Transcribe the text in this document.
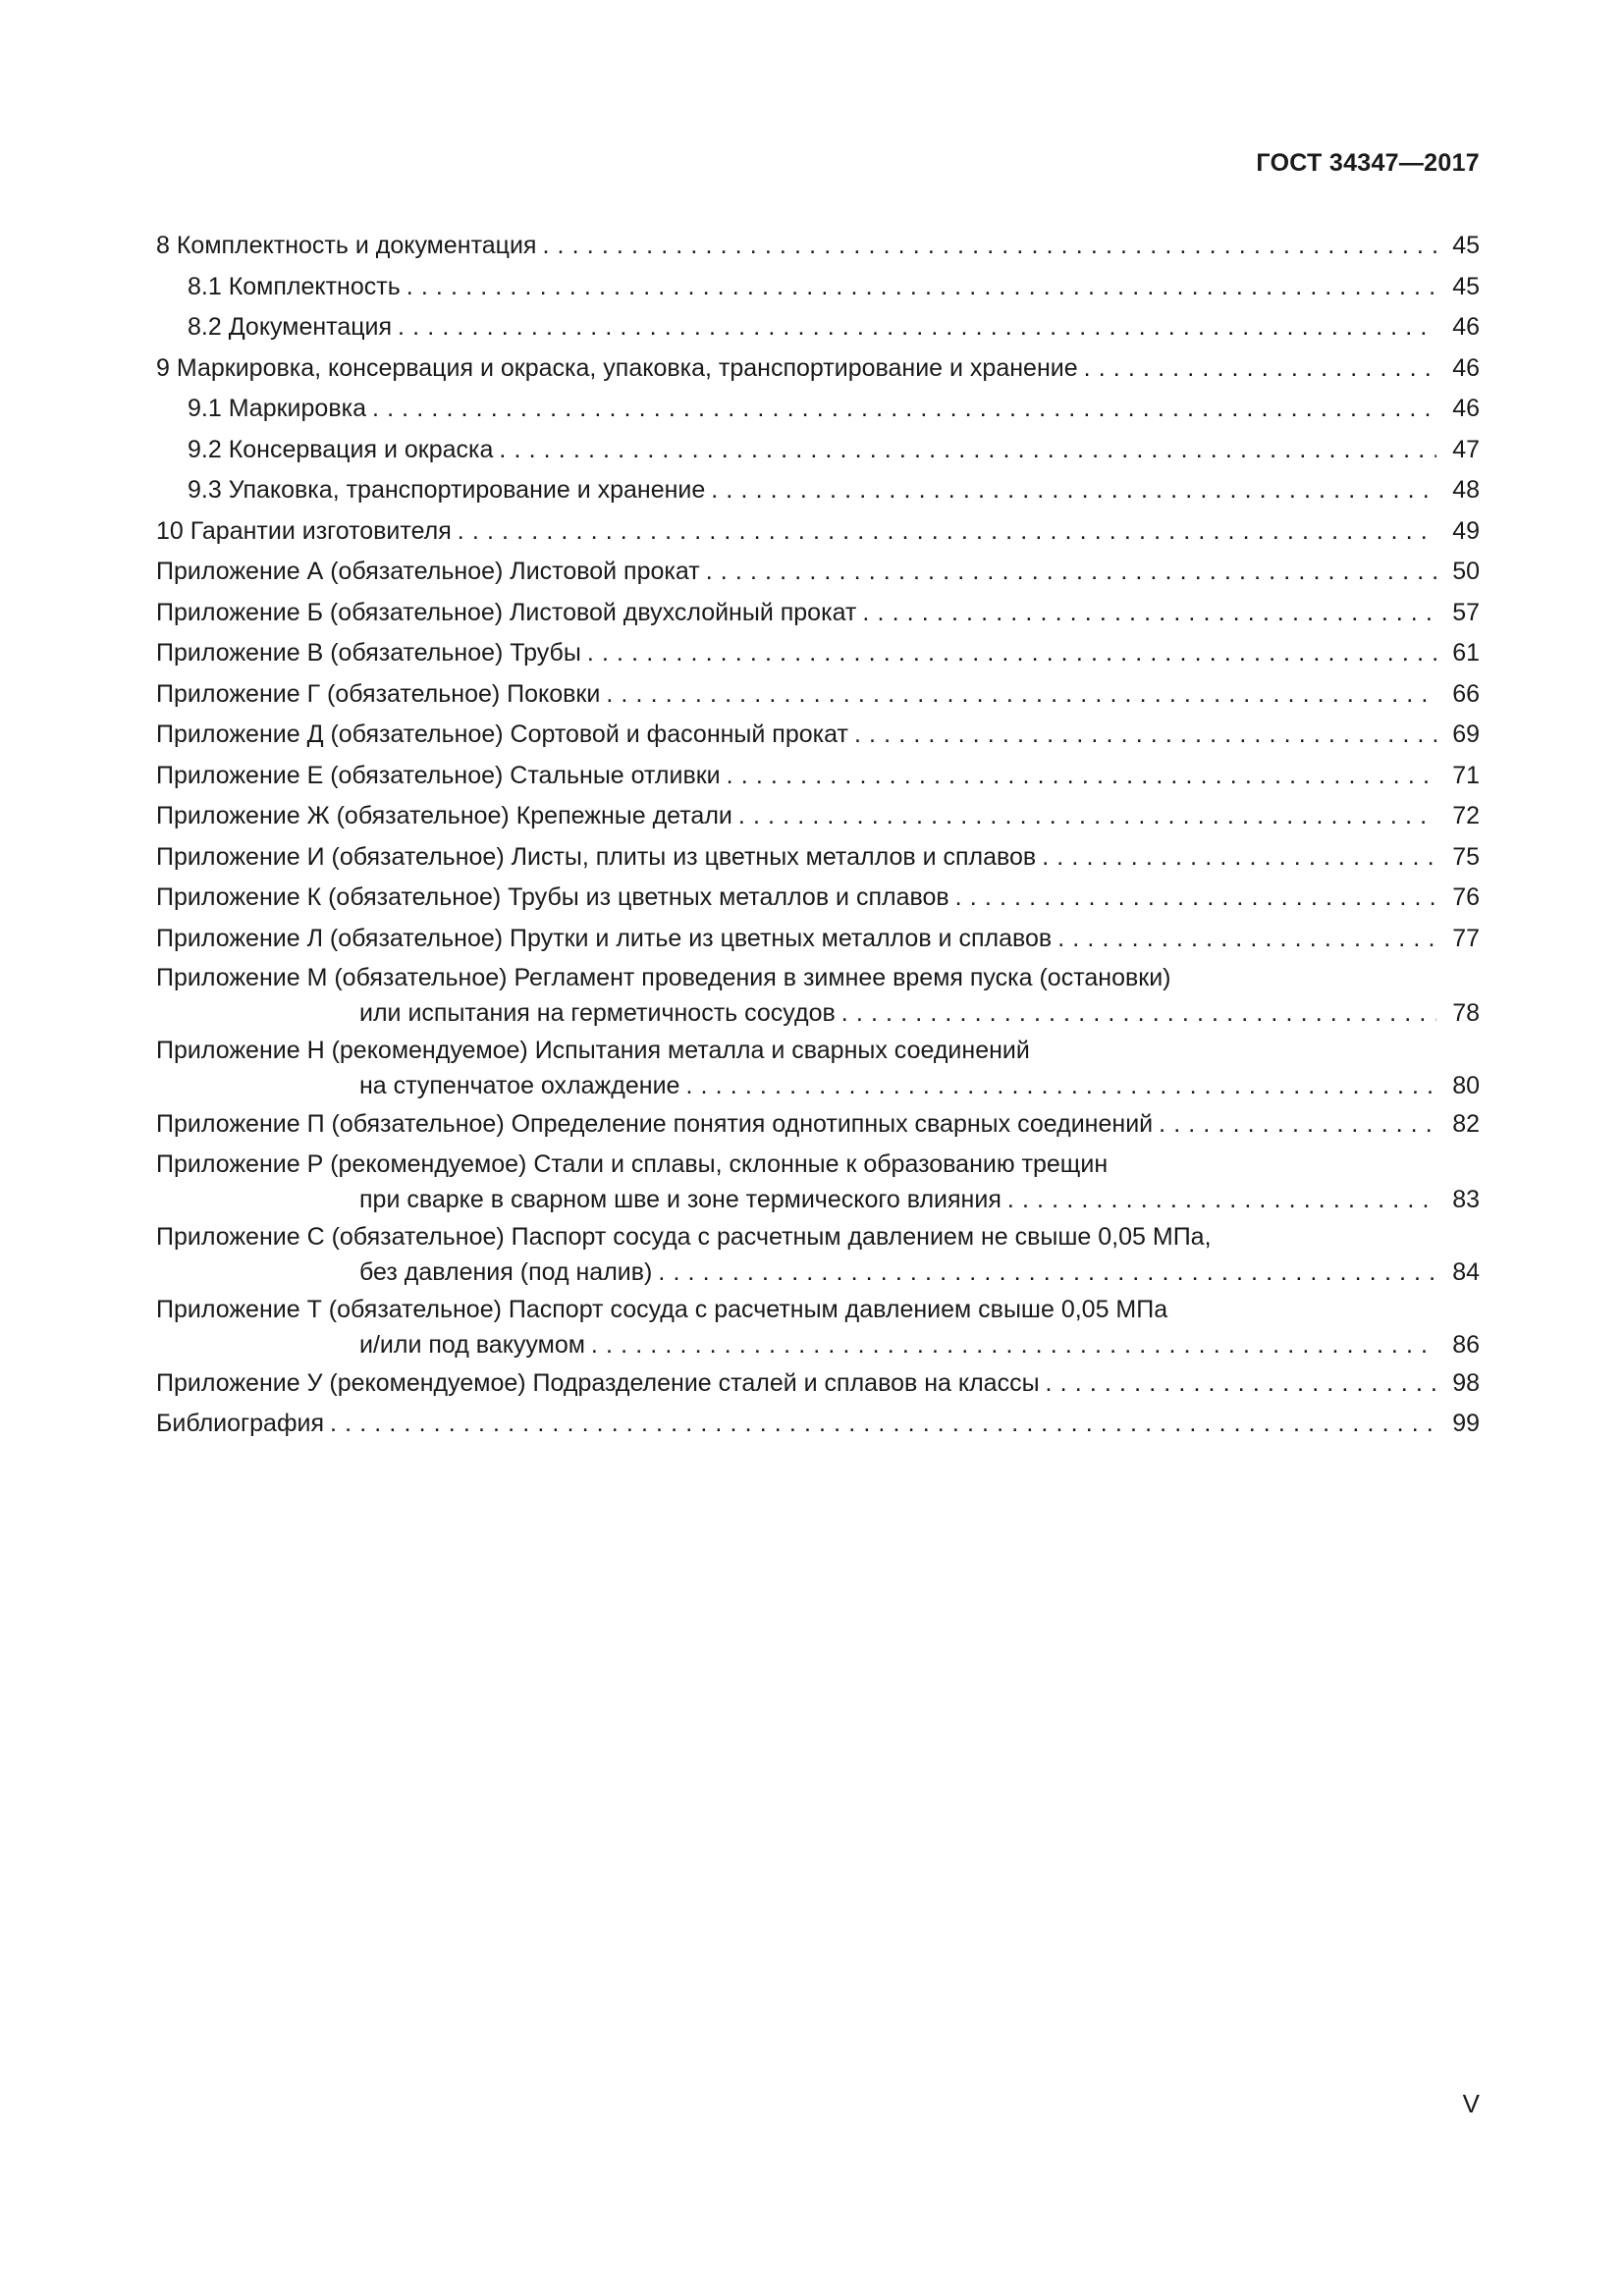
ГОСТ 34347—2017
8 Комплектность и документация . . .	45
8.1 Комплектность . . .	45
8.2 Документация . . .	46
9 Маркировка, консервация и окраска, упаковка, транспортирование и хранение . . .	46
9.1 Маркировка . . .	46
9.2 Консервация и окраска . . .	47
9.3 Упаковка, транспортирование и хранение . . .	48
10 Гарантии изготовителя . . .	49
Приложение А (обязательное) Листовой прокат . . .	50
Приложение Б (обязательное) Листовой двухслойный прокат . . .	57
Приложение В (обязательное) Трубы . . .	61
Приложение Г (обязательное) Поковки . . .	66
Приложение Д (обязательное) Сортовой и фасонный прокат . . .	69
Приложение Е (обязательное) Стальные отливки . . .	71
Приложение Ж (обязательное) Крепежные детали . . .	72
Приложение И (обязательное) Листы, плиты из цветных металлов и сплавов . . .	75
Приложение К (обязательное) Трубы из цветных металлов и сплавов . . .	76
Приложение Л (обязательное) Прутки и литье из цветных металлов и сплавов . . .	77
Приложение М (обязательное) Регламент проведения в зимнее время пуска (остановки)
или испытания на герметичность сосудов . . .	78
Приложение Н (рекомендуемое) Испытания металла и сварных соединений
на ступенчатое охлаждение . . .	80
Приложение П (обязательное) Определение понятия однотипных сварных соединений . . .	82
Приложение Р (рекомендуемое) Стали и сплавы, склонные к образованию трещин
при сварке в сварном шве и зоне термического влияния . . .	83
Приложение С (обязательное) Паспорт сосуда с расчетным давлением не свыше 0,05 МПа,
без давления (под налив) . . .	84
Приложение Т (обязательное) Паспорт сосуда с расчетным давлением свыше 0,05 МПа
и/или под вакуумом . . .	86
Приложение У (рекомендуемое) Подразделение сталей и сплавов на классы . . .	98
Библиография . . .	99
V
